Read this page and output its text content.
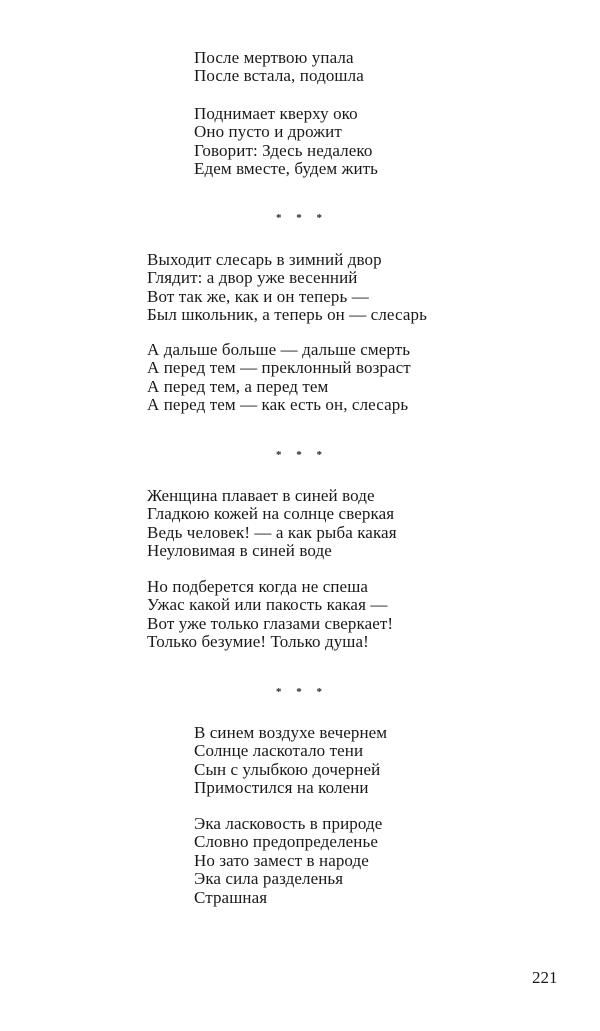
После мертвою упала
После встала, подошла
Поднимает кверху око
Оно пусто и дрожит
Говорит: Здесь недалеко
Едем вместе, будем жить
* * *
Выходит слесарь в зимний двор
Глядит: а двор уже весенний
Вот так же, как и он теперь —
Был школьник, а теперь он — слесарь
А дальше больше — дальше смерть
А перед тем — преклонный возраст
А перед тем, а перед тем
А перед тем — как есть он, слесарь
* * *
Женщина плавает в синей воде
Гладкою кожей на солнце сверкая
Ведь человек! — а как рыба какая
Неуловимая в синей воде
Но подберется когда не спеша
Ужас какой или пакость какая —
Вот уже только глазами сверкает!
Только безумие! Только душа!
* * *
В синем воздухе вечернем
Солнце ласкотало тени
Сын с улыбкою дочерней
Примостился на колени
Эка ласковость в природе
Словно предопределенье
Но зато замест в народе
Эка сила разделенья
Страшная
221
